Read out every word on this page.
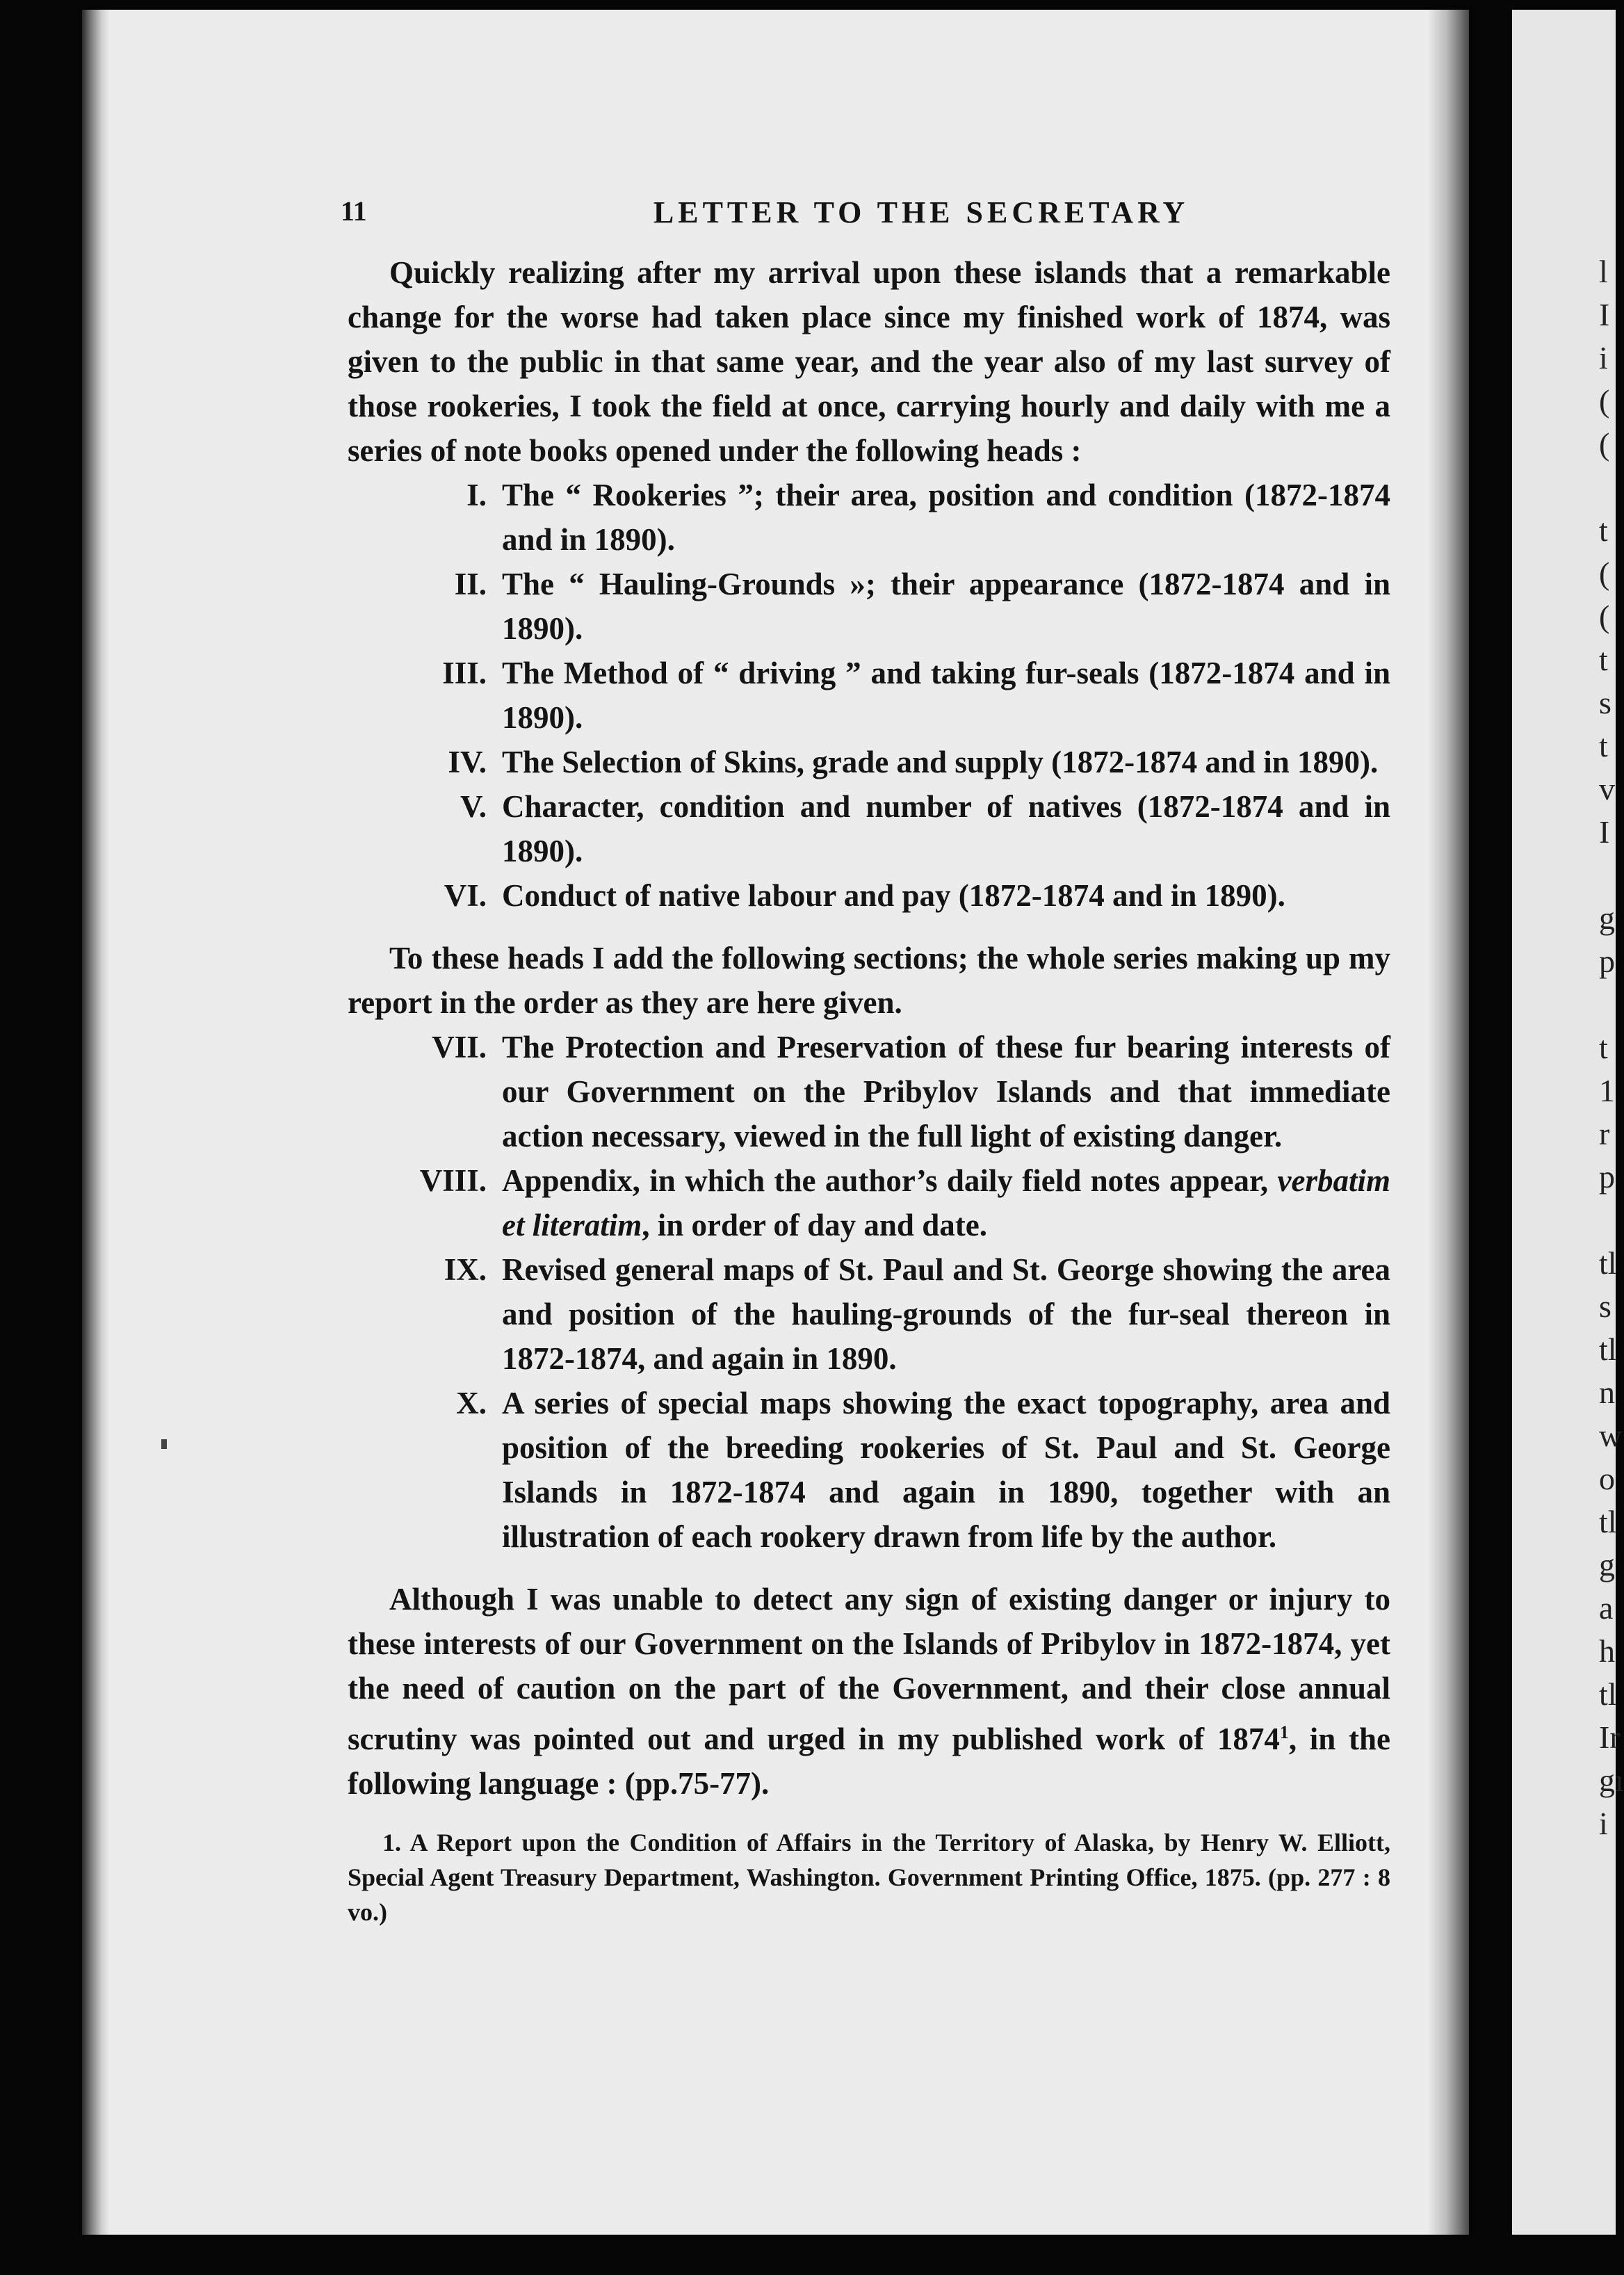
l
I
i
(
(
t
(
(
t
s
t
v
I
g
p
t
1
r
p
tl
s
tl
n
w
o
tl
g
a
h
tl
Ir
gı
i
11	LETTER TO THE SECRETARY

Quickly realizing after my arrival upon these islands that a remarkable change for the worse had taken place since my finished work of 1874, was given to the public in that same year, and the year also of my last survey of those rookeries, I took the field at once, carrying hourly and daily with me a series of note books opened under the following heads :

I. The “ Rookeries ”; their area, position and condition (1872-1874 and in 1890).
II. The “ Hauling-Grounds »; their appearance (1872-1874 and in 1890).
III. The Method of “ driving ” and taking fur-seals (1872-1874 and in 1890).
IV. The Selection of Skins, grade and supply (1872-1874 and in 1890).
V. Character, condition and number of natives (1872-1874 and in 1890).
VI. Conduct of native labour and pay (1872-1874 and in 1890).

To these heads I add the following sections; the whole series making up my report in the order as they are here given.

VII. The Protection and Preservation of these fur bearing interests of our Government on the Pribylov Islands and that immediate action necessary, viewed in the full light of existing danger.
VIII. Appendix, in which the author’s daily field notes appear, verbatim et literatim, in order of day and date.
IX. Revised general maps of St. Paul and St. George showing the area and position of the hauling-grounds of the fur-seal thereon in 1872-1874, and again in 1890.
X. A series of special maps showing the exact topography, area and position of the breeding rookeries of St. Paul and St. George Islands in 1872-1874 and again in 1890, together with an illustration of each rookery drawn from life by the author.

Although I was unable to detect any sign of existing danger or injury to these interests of our Government on the Islands of Pribylov in 1872-1874, yet the need of caution on the part of the Government, and their close annual scrutiny was pointed out and urged in my published work of 1874$^1$, in the following language : (pp.75-77).

1. A Report upon the Condition of Affairs in the Territory of Alaska, by Henry W. Elliott, Special Agent Treasury Department, Washington. Government Printing Office, 1875. (pp. 277 : 8 vo.)
